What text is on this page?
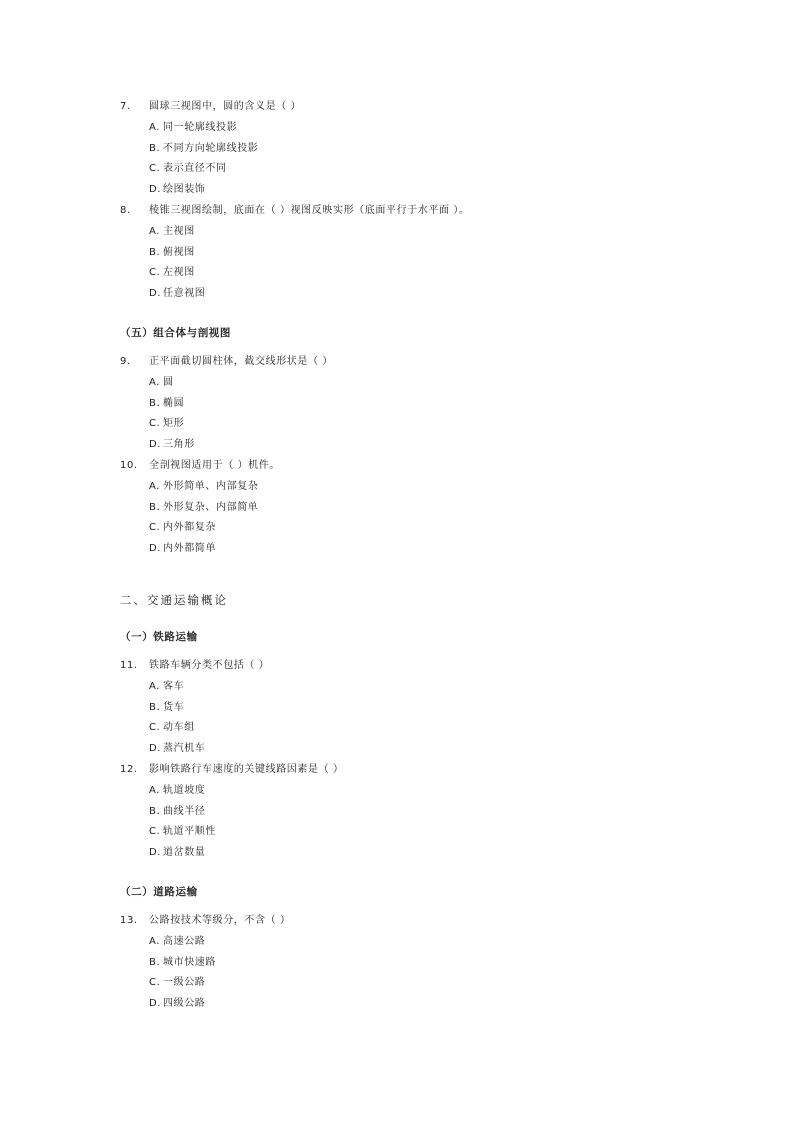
7. 圆球三视图中，圆的含义是（ ）
A. 同一轮廓线投影
B. 不同方向轮廓线投影
C. 表示直径不同
D. 绘图装饰
8. 棱锥三视图绘制，底面在（ ）视图反映实形（底面平行于水平面 ）。
A. 主视图
B. 俯视图
C. 左视图
D. 任意视图
（五）组合体与剖视图
9. 正平面截切圆柱体，截交线形状是（ ）
A. 圆
B. 椭圆
C. 矩形
D. 三角形
10. 全剖视图适用于（ ）机件。
A. 外形简单、内部复杂
B. 外形复杂、内部简单
C. 内外都复杂
D. 内外都简单
二、交通运输概论
（一）铁路运输
11. 铁路车辆分类不包括（ ）
A. 客车
B. 货车
C. 动车组
D. 蒸汽机车
12. 影响铁路行车速度的关键线路因素是（ ）
A. 轨道坡度
B. 曲线半径
C. 轨道平顺性
D. 道岔数量
（二）道路运输
13. 公路按技术等级分，不含（ ）
A. 高速公路
B. 城市快速路
C. 一级公路
D. 四级公路
